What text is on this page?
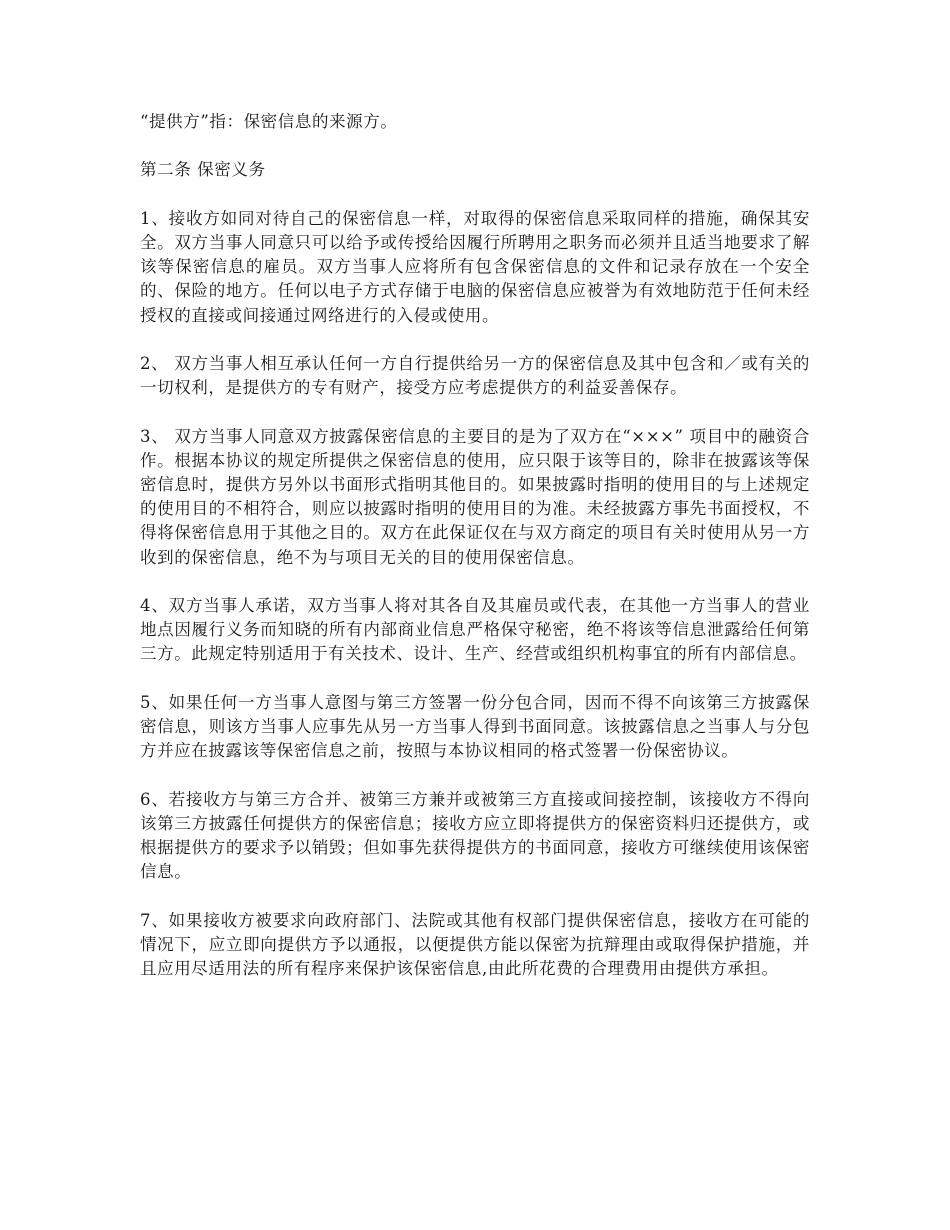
“提供方”指：保密信息的来源方。

第二条 保密义务

1、接收方如同对待自己的保密信息一样，对取得的保密信息采取同样的措施，确保其安全。双方当事人同意只可以给予或传授给因履行所聘用之职务而必须并且适当地要求了解该等保密信息的雇员。双方当事人应将所有包含保密信息的文件和记录存放在一个安全的、保险的地方。任何以电子方式存储于电脑的保密信息应被誉为有效地防范于任何未经授权的直接或间接通过网络进行的入侵或使用。

2、 双方当事人相互承认任何一方自行提供给另一方的保密信息及其中包含和／或有关的一切权利，是提供方的专有财产，接受方应考虑提供方的利益妥善保存。

3、 双方当事人同意双方披露保密信息的主要目的是为了双方在“×××” 项目中的融资合作。根据本协议的规定所提供之保密信息的使用，应只限于该等目的，除非在披露该等保密信息时，提供方另外以书面形式指明其他目的。如果披露时指明的使用目的与上述规定的使用目的不相符合，则应以披露时指明的使用目的为准。未经披露方事先书面授权，不得将保密信息用于其他之目的。双方在此保证仅在与双方商定的项目有关时使用从另一方收到的保密信息，绝不为与项目无关的目的使用保密信息。

4、双方当事人承诺，双方当事人将对其各自及其雇员或代表，在其他一方当事人的营业地点因履行义务而知晓的所有内部商业信息严格保守秘密，绝不将该等信息泄露给任何第三方。此规定特别适用于有关技术、设计、生产、经营或组织机构事宜的所有内部信息。

5、如果任何一方当事人意图与第三方签署一份分包合同，因而不得不向该第三方披露保密信息，则该方当事人应事先从另一方当事人得到书面同意。该披露信息之当事人与分包方并应在披露该等保密信息之前，按照与本协议相同的格式签署一份保密协议。

6、若接收方与第三方合并、被第三方兼并或被第三方直接或间接控制，该接收方不得向该第三方披露任何提供方的保密信息；接收方应立即将提供方的保密资料归还提供方，或根据提供方的要求予以销毁；但如事先获得提供方的书面同意，接收方可继续使用该保密信息。

7、如果接收方被要求向政府部门、法院或其他有权部门提供保密信息，接收方在可能的情况下，应立即向提供方予以通报，以便提供方能以保密为抗辩理由或取得保护措施，并且应用尽适用法的所有程序来保护该保密信息,由此所花费的合理费用由提供方承担。
